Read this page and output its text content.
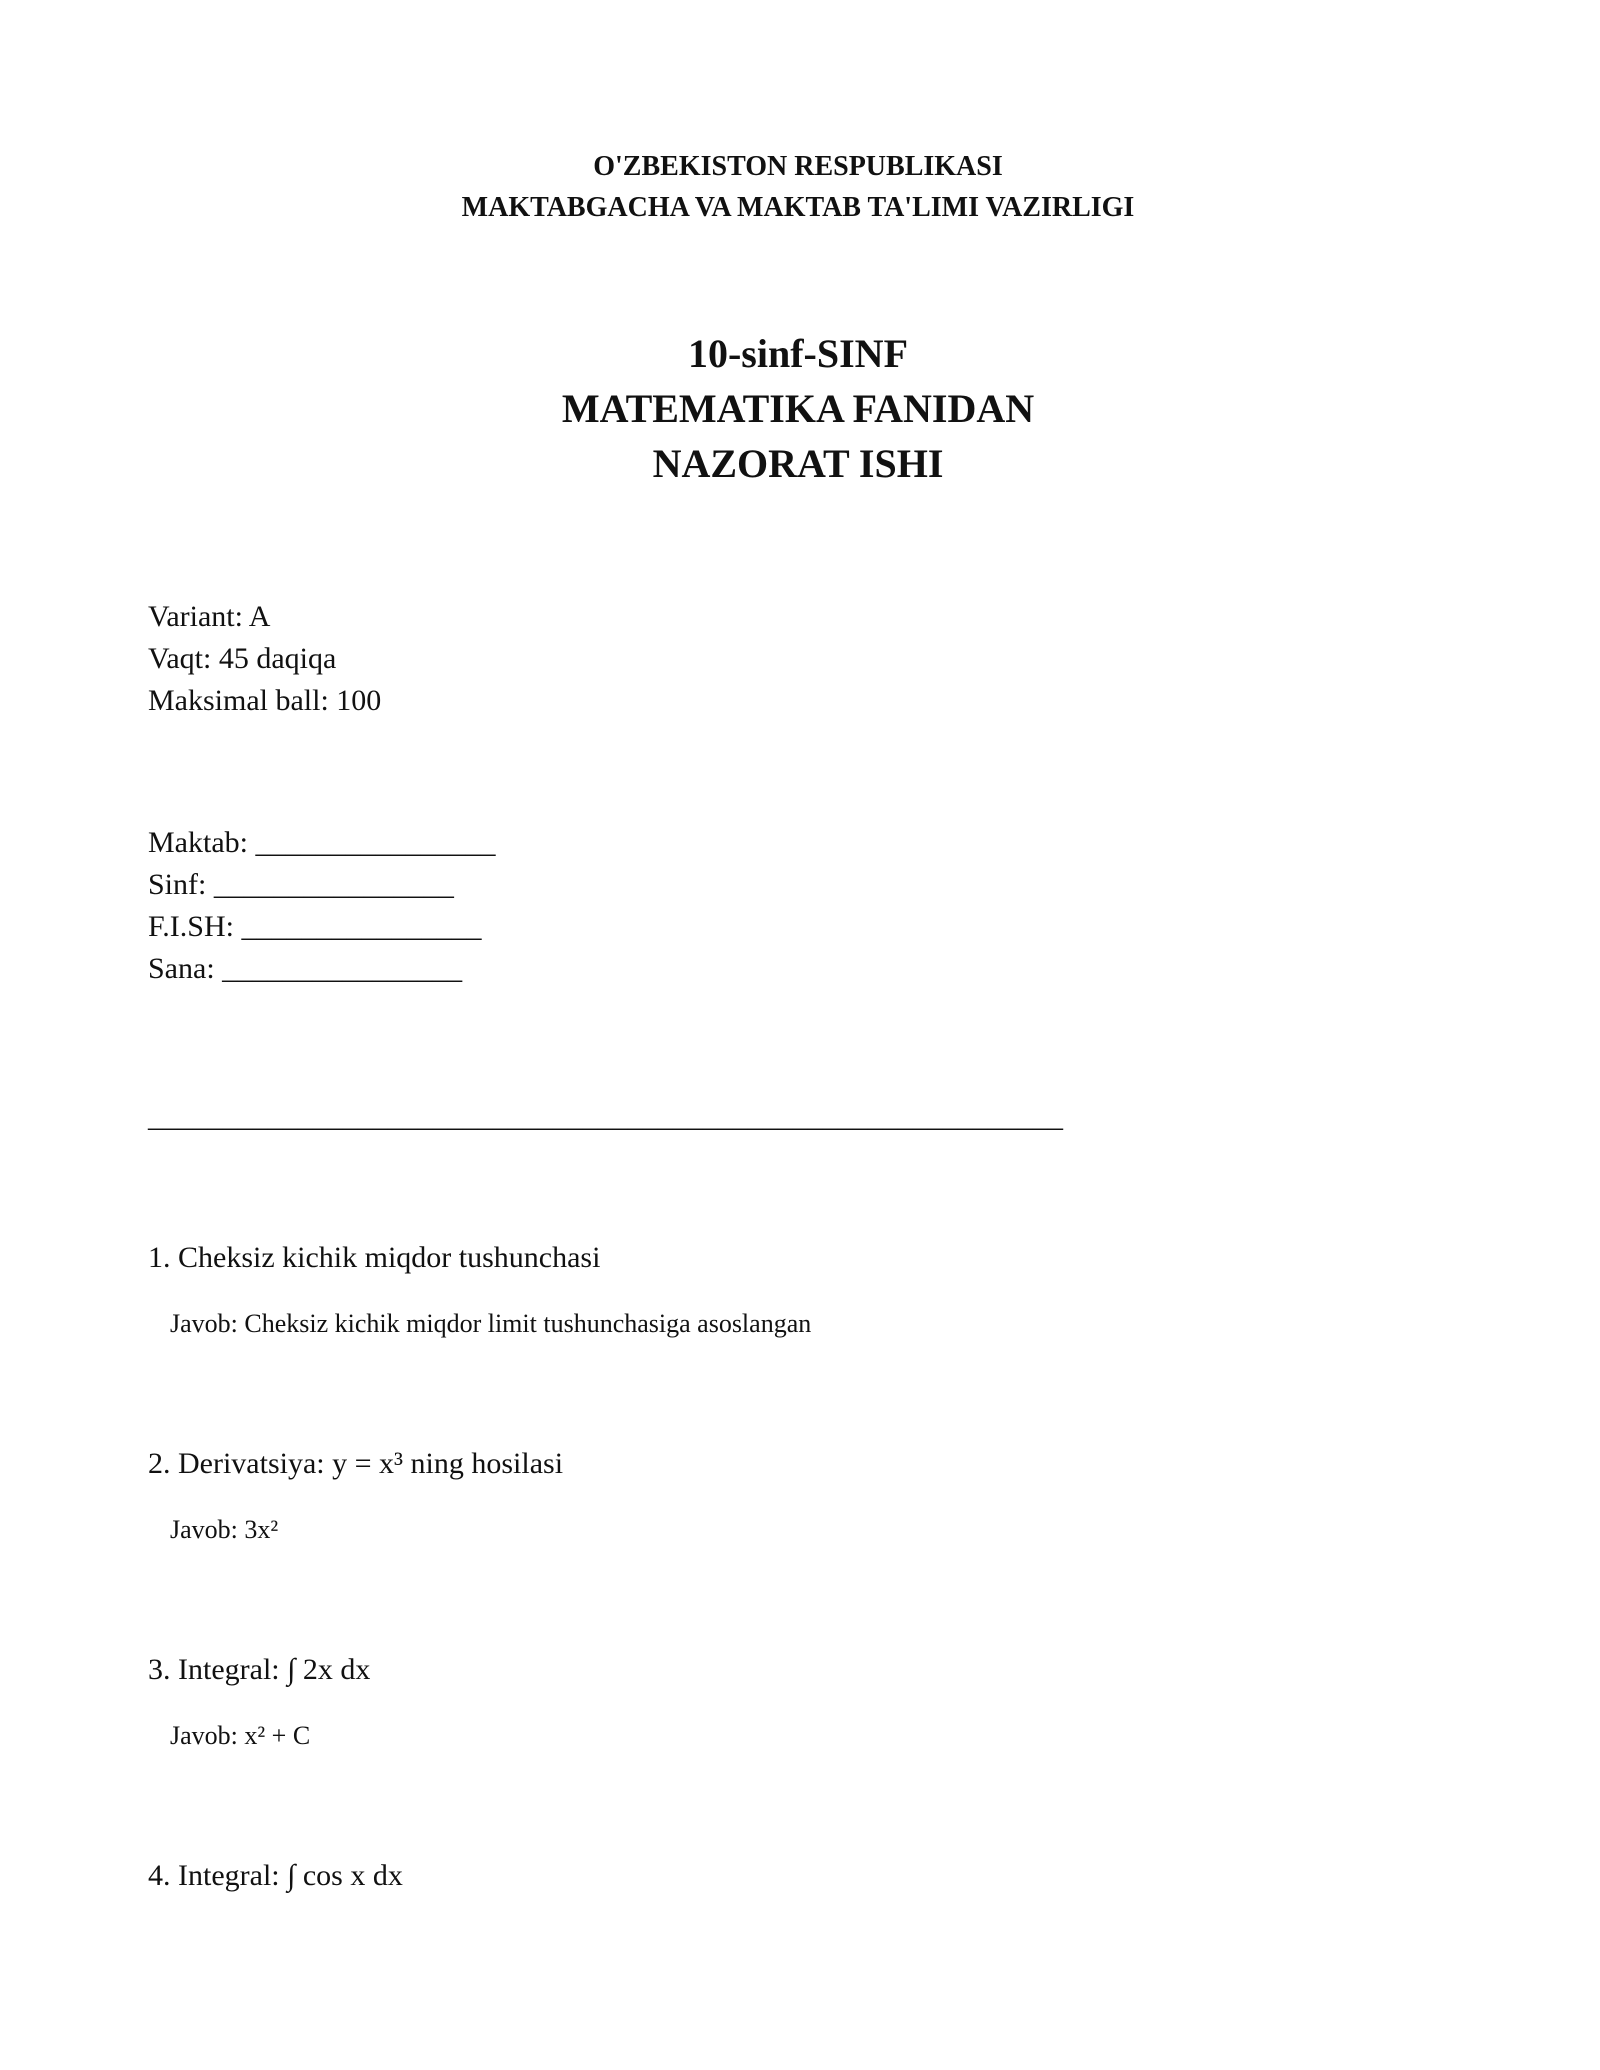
O'ZBEKISTON RESPUBLIKASI
MAKTABGACHA VA MAKTAB TA'LIMI VAZIRLIGI
10-sinf-SINF
MATEMATIKA FANIDAN
NAZORAT ISHI
Variant: A
Vaqt: 45 daqiqa
Maksimal ball: 100
Maktab: ________________
Sinf: ________________
F.I.SH: ________________
Sana: ________________
_____________________________________________________________
1. Cheksiz kichik miqdor tushunchasi
Javob: Cheksiz kichik miqdor limit tushunchasiga asoslangan
2. Derivatsiya: y = x³ ning hosilasi
Javob: 3x²
3. Integral: ∫ 2x dx
Javob: x² + C
4. Integral: ∫ cos x dx
